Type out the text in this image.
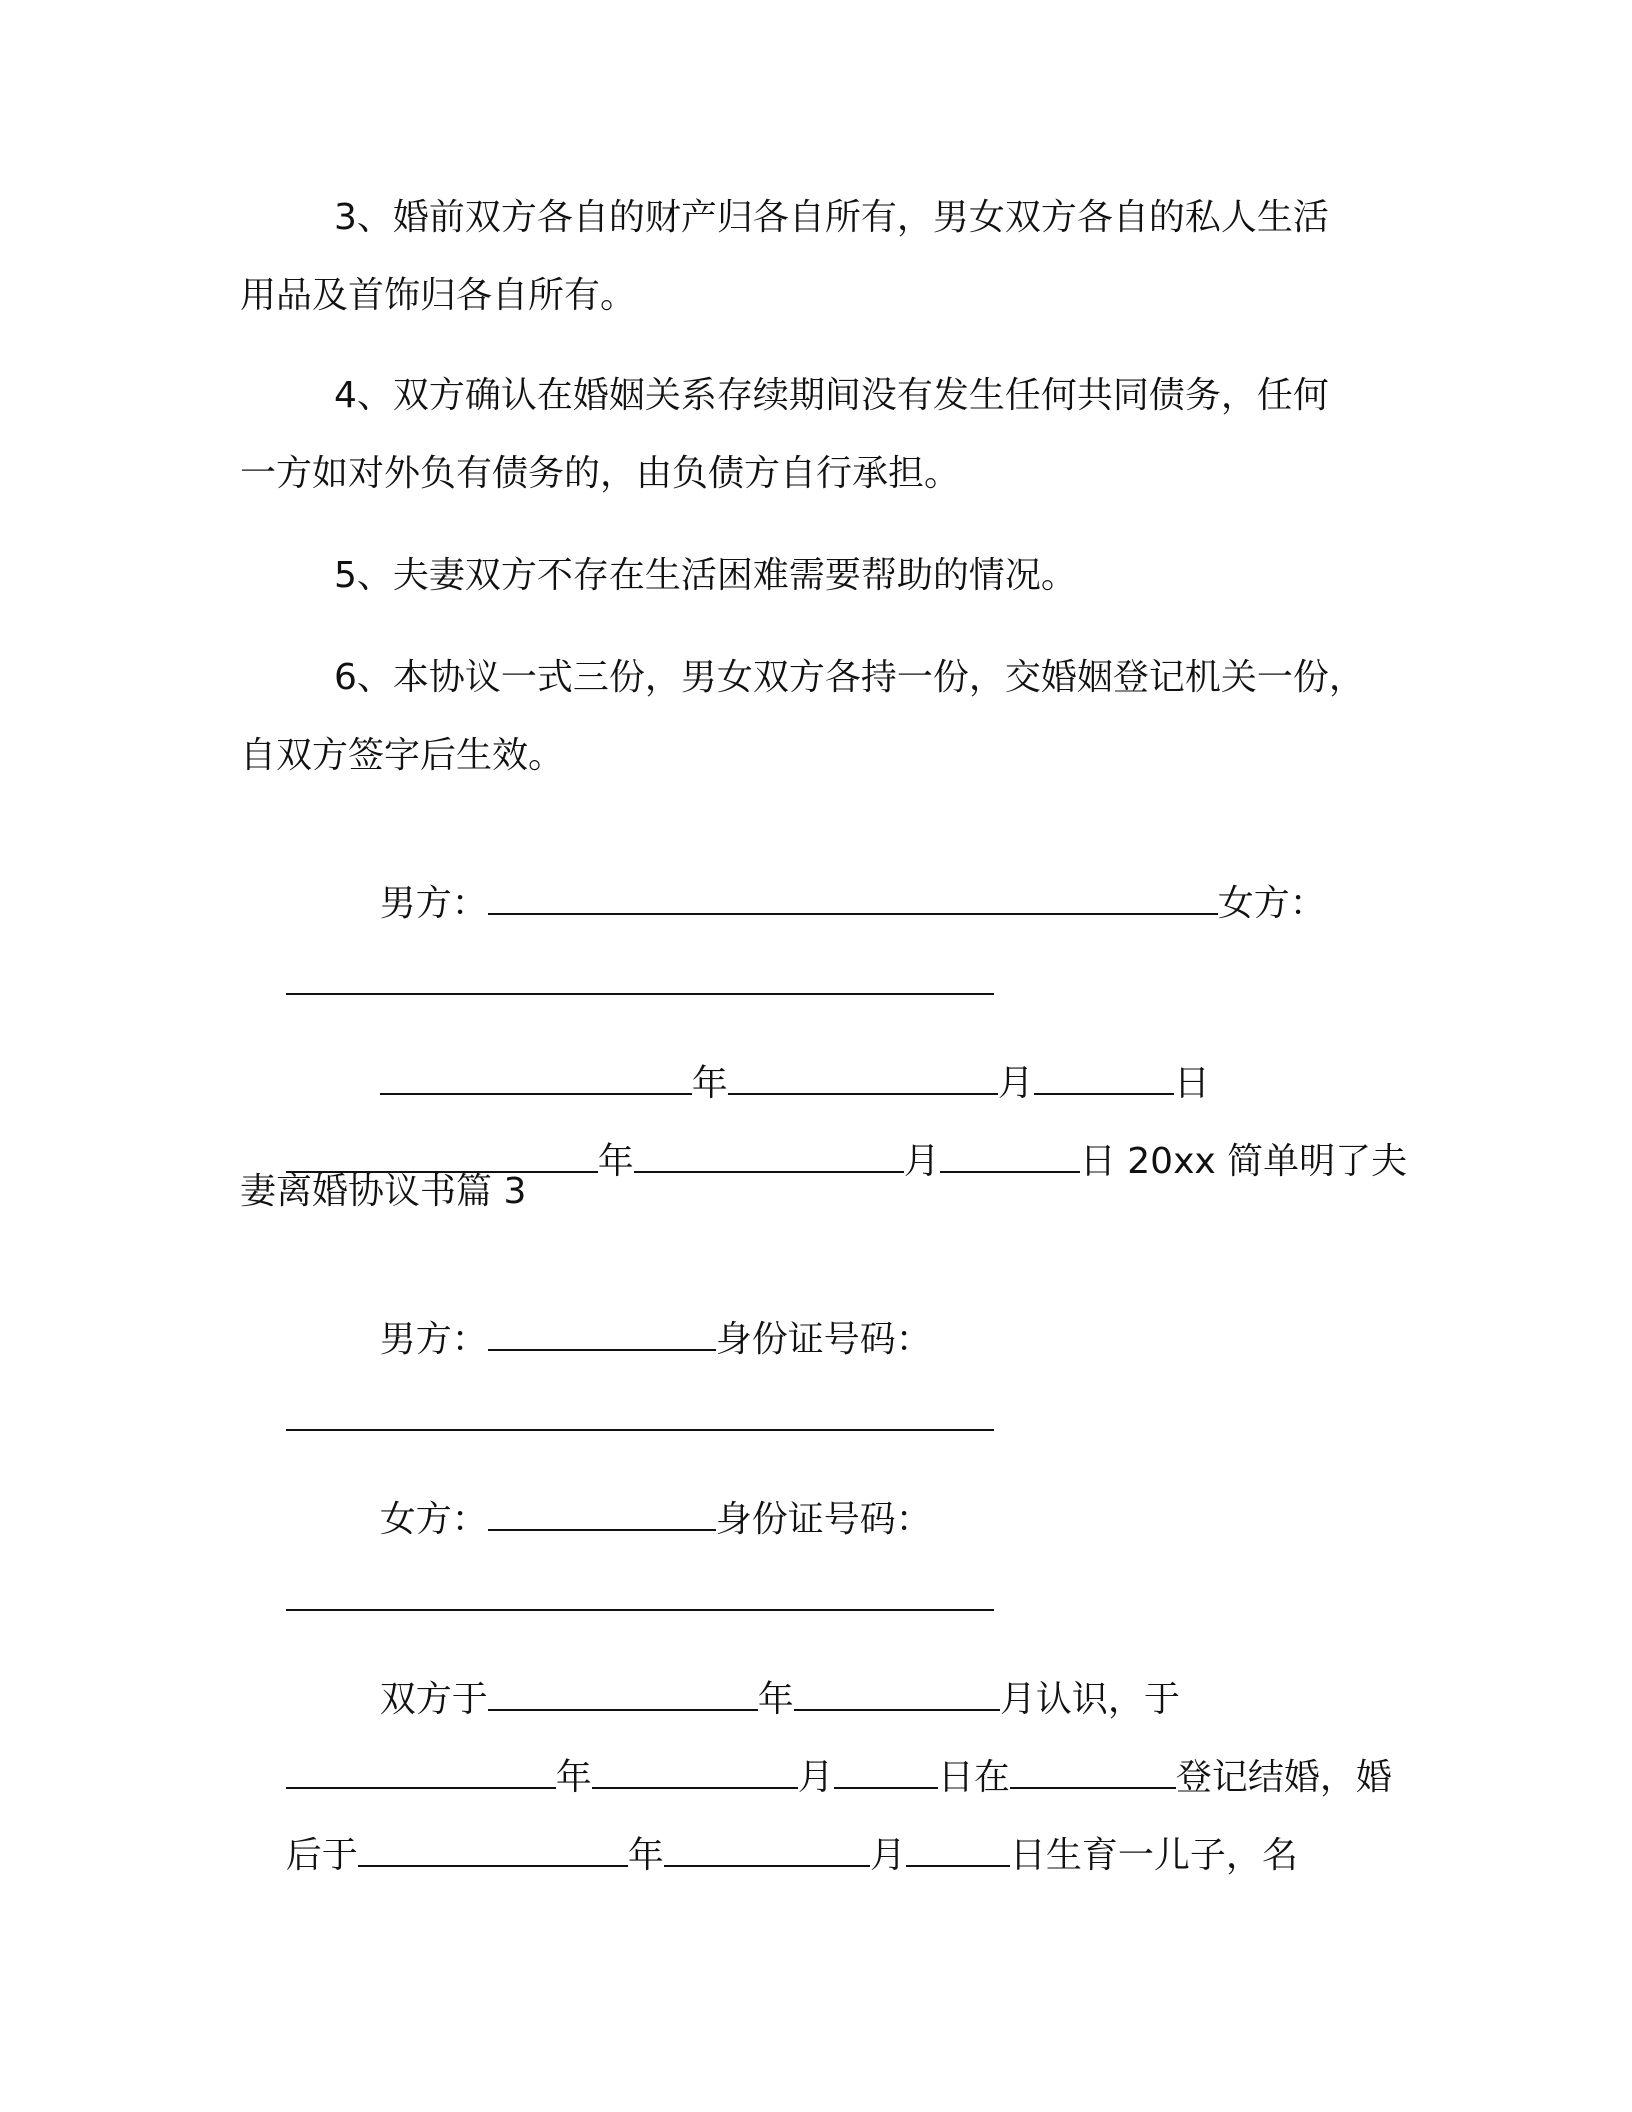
3、婚前双方各自的财产归各自所有，男女双方各自的私人生活
用品及首饰归各自所有。
4、双方确认在婚姻关系存续期间没有发生任何共同债务，任何
一方如对外负有债务的，由负债方自行承担。
5、夫妻双方不存在生活困难需要帮助的情况。
6、本协议一式三份，男女双方各持一份，交婚姻登记机关一份，
自双方签字后生效。

男方：	女方：

年	月	日

年	月	日 20xx 简单明了夫

妻离婚协议书篇 3

男方：	身份证号码：

女方：	身份证号码：

双方于	年	月认识，于

年	月	日在	登记结婚，婚

后于	年	月	日生育一儿子，名
